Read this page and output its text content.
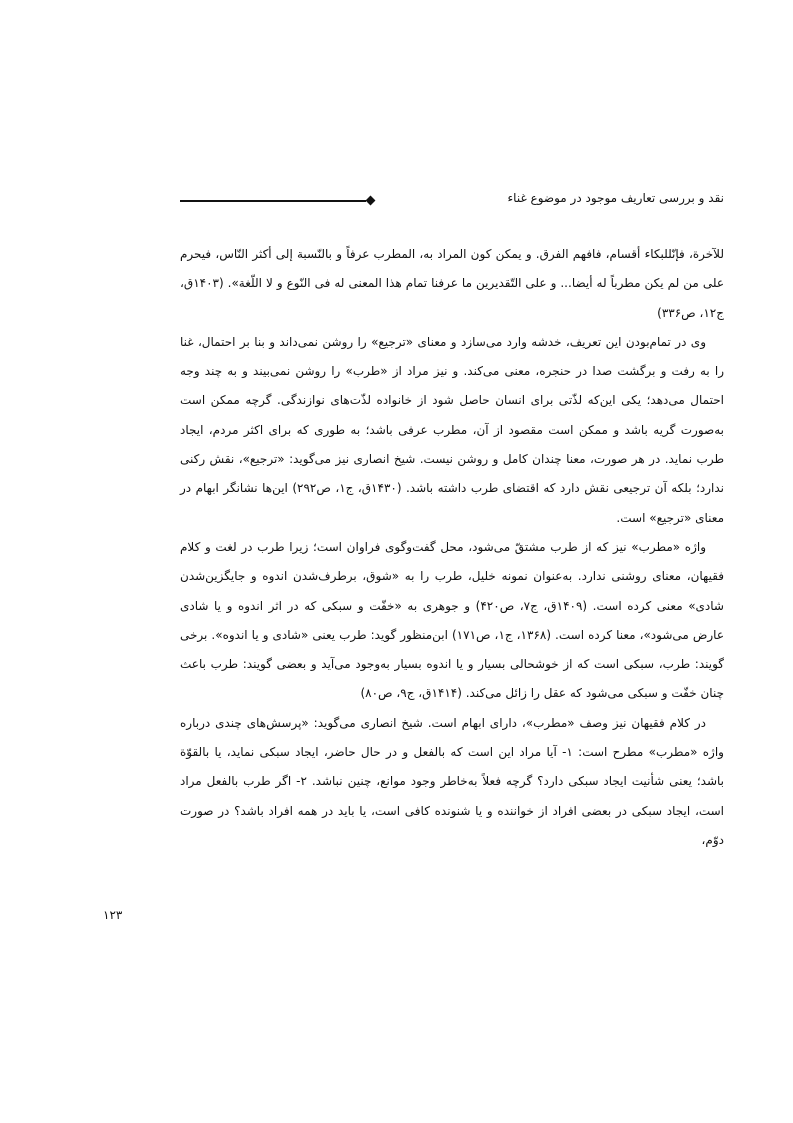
نقد و بررسی تعاریف موجود در موضوع غناء

للآخرة، فإنّللبكاء أقسام، فافهم الفرق. و يمكن كون المراد به، المطرب عرفاً و بالنّسبة إلى أكثر النّاس، فيحرم على من لم يكن مطرباً له أيضا... و على التّقديرين ما عرفنا تمام هذا المعنى له فى النّوع و لا اللّغة». (۱۴۰۳ق، ج۱۲، ص۳۳۶)

وی در تمام‌بودن این تعریف، خدشه وارد می‌سازد و معنای «ترجیع» را روشن نمی‌داند و بنا بر احتمال، غنا را به رفت و برگشت صدا در حنجره، معنی می‌کند. و نیز مراد از «طرب» را روشن نمی‌بیند و به چند وجه احتمال می‌دهد؛ یکی این‌که لذّتی برای انسان حاصل شود از خانواده لذّت‌های نوازندگی. گرچه ممکن است به‌صورت گریه باشد و ممکن است مقصود از آن، مطرب عرفی باشد؛ به طوری که برای اکثر مردم، ایجاد طرب نماید. در هر صورت، معنا چندان کامل و روشن نیست. شیخ انصاری نیز می‌گوید: «ترجیع»، نقش رکنی ندارد؛ بلکه آن ترجیعی نقش دارد که اقتضای طرب داشته باشد. (۱۴۳۰ق، ج۱، ص۲۹۲) این‌ها نشانگر ابهام در معنای «ترجیع» است.

واژه «مطرب» نیز که از طرب مشتقّ می‌شود، محل گفت‌وگوی فراوان است؛ زیرا طرب در لغت و کلام فقیهان، معنای روشنی ندارد. به‌عنوان نمونه خلیل، طرب را به «شوق، برطرف‌شدن اندوه و جایگزین‌شدن شادی» معنی کرده است. (۱۴۰۹ق، ج۷، ص۴۲۰) و جوهری به «خفّت و سبکی که در اثر اندوه و یا شادی عارض می‌شود»، معنا کرده است. (۱۳۶۸، ج۱، ص۱۷۱) ابن‌منظور گوید: طرب یعنی «شادی و یا اندوه». برخی گویند: طرب، سبکی است که از خوشحالی بسیار و یا اندوه بسیار به‌وجود می‌آید و بعضی گویند: طرب باعث چنان خفّت و سبکی می‌شود که عقل را زائل می‌کند. (۱۴۱۴ق، ج۹، ص۸۰)

در کلام فقیهان نیز وصف «مطرب»، دارای ابهام است. شیخ انصاری می‌گوید: «پرسش‌های چندی درباره واژه «مطرب» مطرح است: ۱- آیا مراد این است که بالفعل و در حال حاضر، ایجاد سبکی نماید، یا بالقوّة باشد؛ یعنی شأنیت ایجاد سبکی دارد؟ گرچه فعلاً به‌خاطر وجود موانع، چنین نباشد. ۲- اگر طرب بالفعل مراد است، ایجاد سبکی در بعضی افراد از خواننده و یا شنونده کافی است، یا باید در همه افراد باشد؟ در صورت دوّم،

۱۲۳
